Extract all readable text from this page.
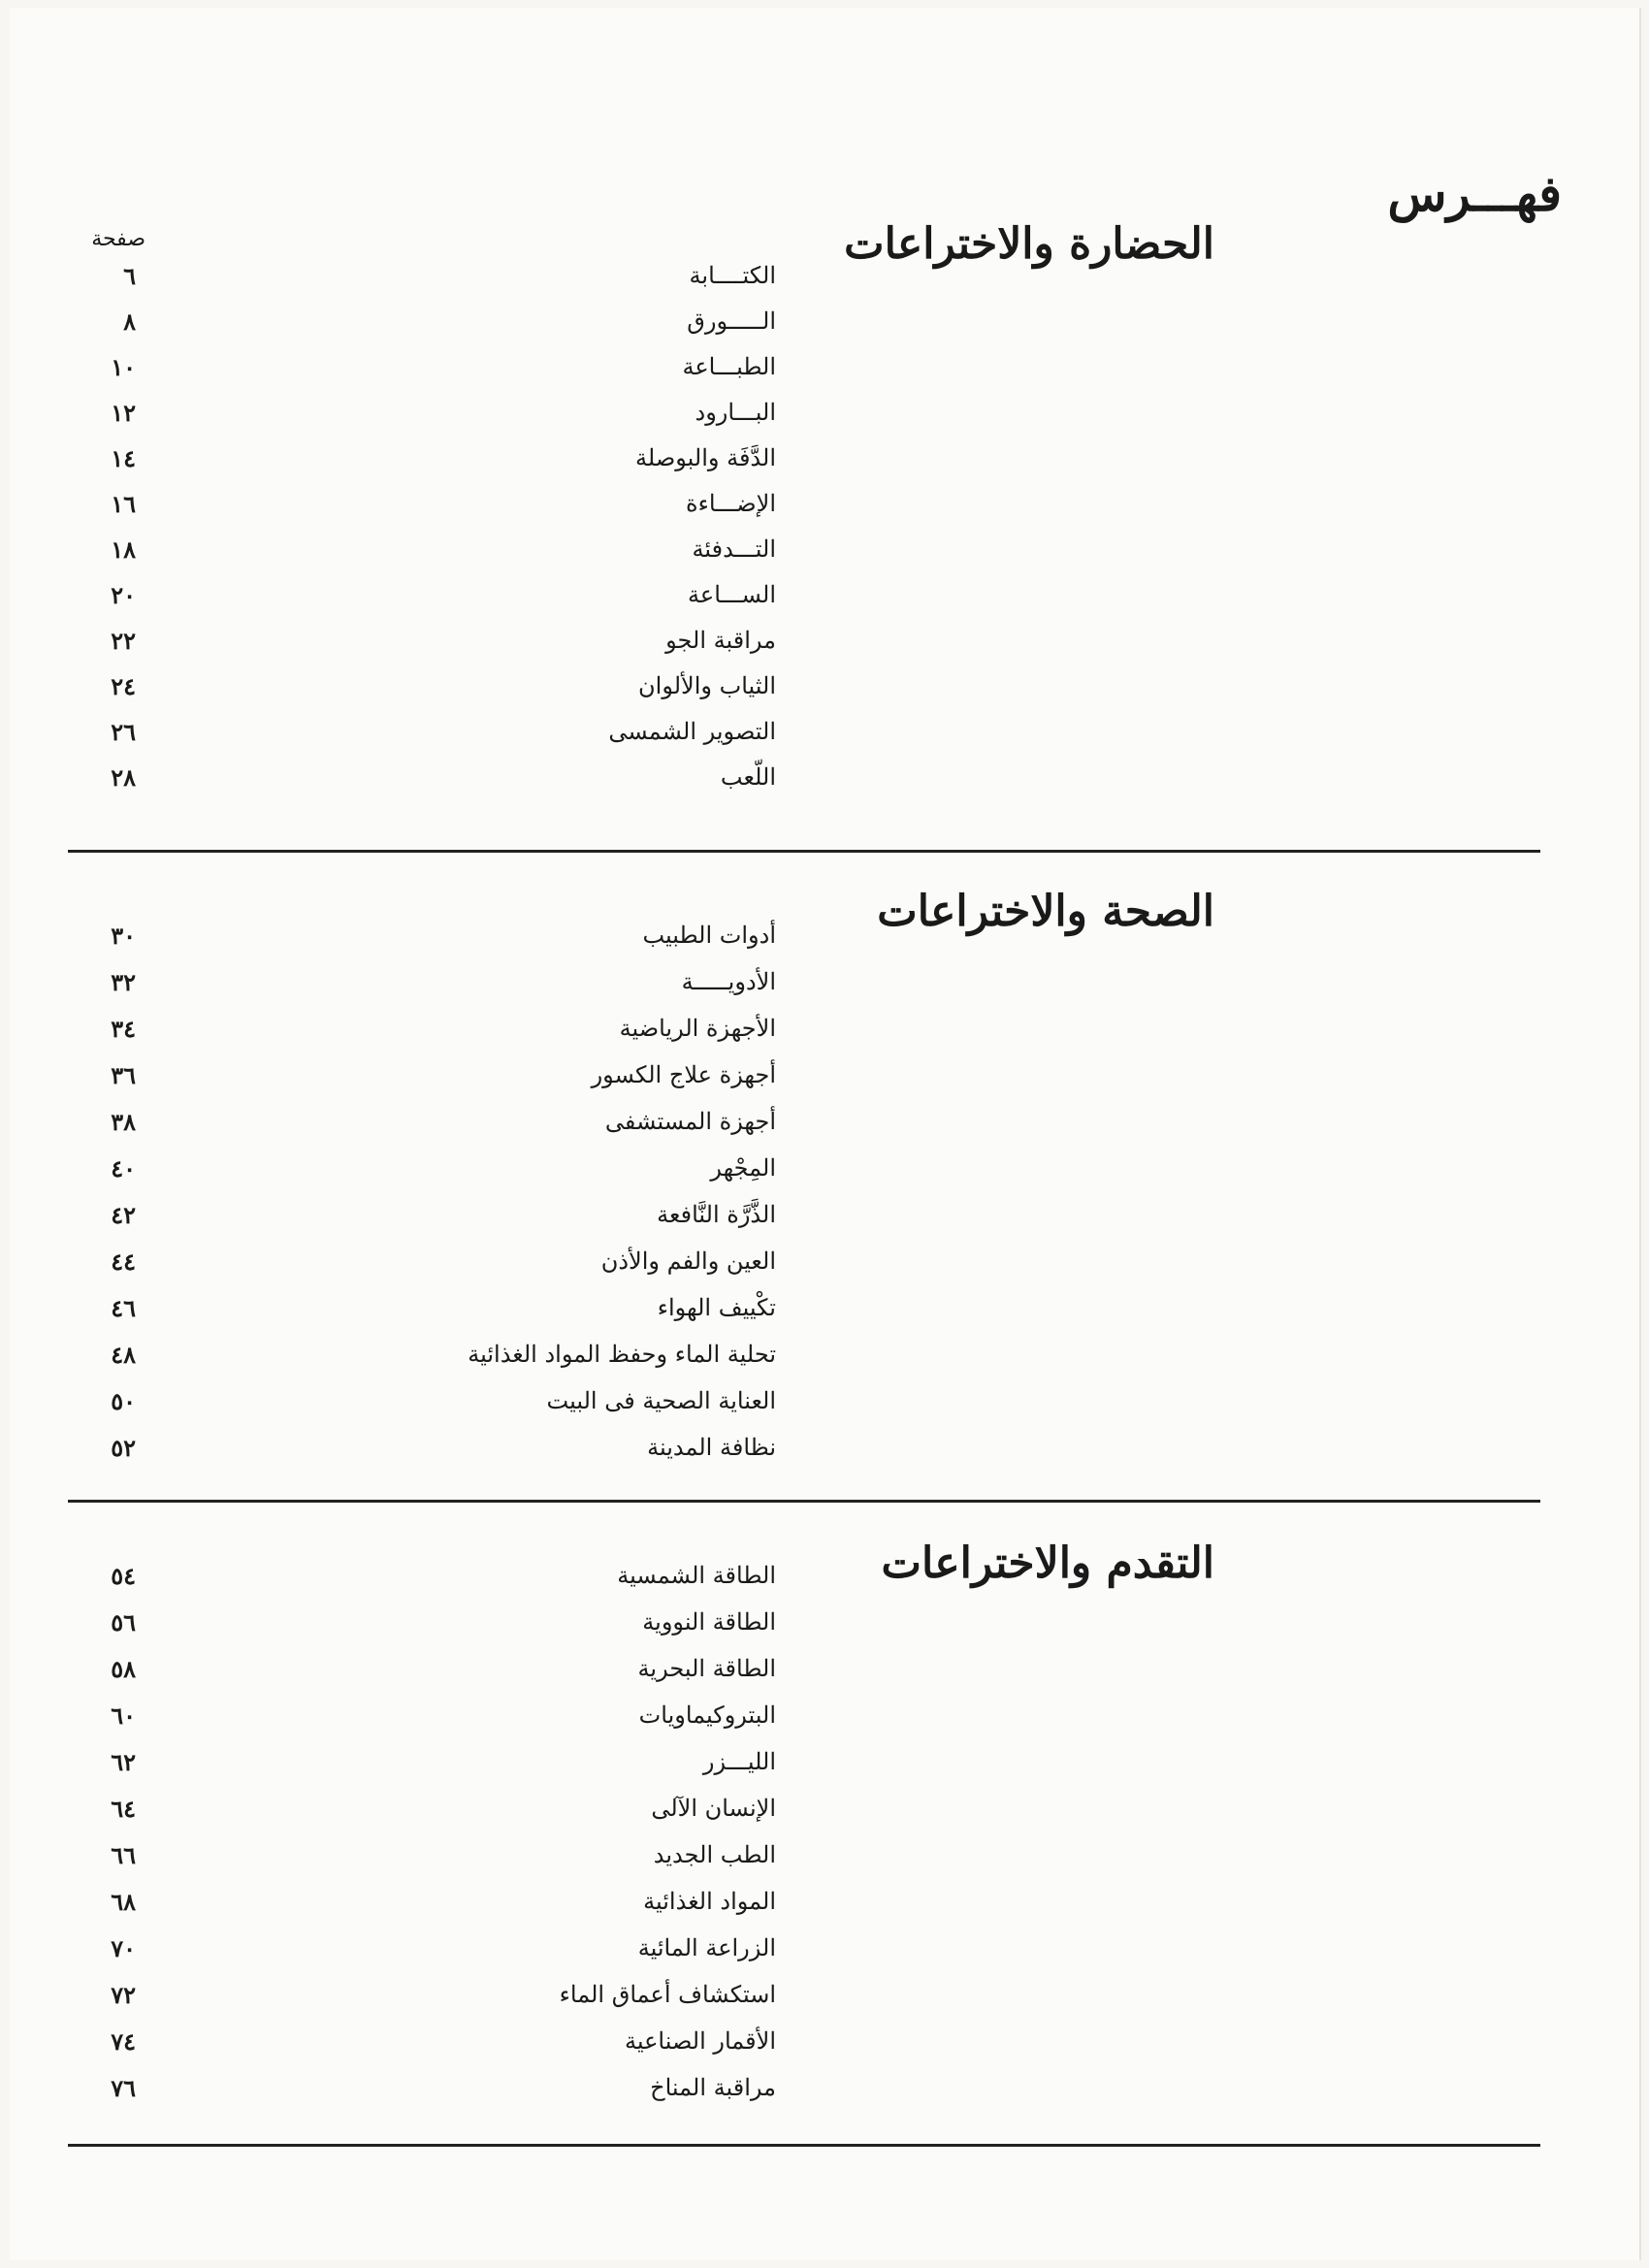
فهـــرس
صفحة	الحضارة والاختراعات
الكتــــابة
٦
الـــــورق
٨
الطبـــاعة
١٠
البـــارود
١٢
الدَّفَة والبوصلة
١٤
الإضـــاءة
١٦
التـــدفئة
١٨
الســـاعة
٢٠
مراقبة الجو
٢٢
الثياب والألوان
٢٤
التصوير الشمسى
٢٦
اللّعب
٢٨
الصحة والاختراعات
أدوات الطبيب
٣٠
الأدويـــــة
٣٢
الأجهزة الرياضية
٣٤
أجهزة علاج الكسور
٣٦
أجهزة المستشفى
٣٨
المِجْهر
٤٠
الذَّرَّة النَّافعة
٤٢
العين والفم والأذن
٤٤
تكْييف الهواء
٤٦
تحلية الماء وحفظ المواد الغذائية
٤٨
العناية الصحية فى البيت
٥٠
نظافة المدينة
٥٢
التقدم والاختراعات
الطاقة الشمسية
٥٤
الطاقة النووية
٥٦
الطاقة البحرية
٥٨
البتروكيماويات
٦٠
الليـــزر
٦٢
الإنسان الآلى
٦٤
الطب الجديد
٦٦
المواد الغذائية
٦٨
الزراعة المائية
٧٠
استكشاف أعماق الماء
٧٢
الأقمار الصناعية
٧٤
مراقبة المناخ
٧٦
